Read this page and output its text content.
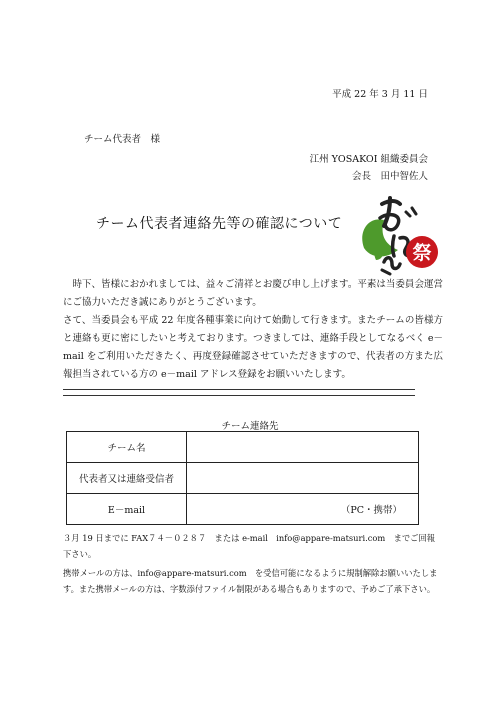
平成 22 年 3 月 11 日
チーム代表者　様
江州 YOSAKOI 組織委員会
会長　田中智佐人
チーム代表者連絡先等の確認について
祭

時下、皆様におかれましては、益々ご清祥とお慶び申し上げます。平素は当委員会運営にご協力いただき誠にありがとうございます。

さて、当委員会も平成 22 年度各種事業に向けて始動して行きます。またチームの皆様方と連絡も更に密にしたいと考えております。つきましては、連絡手段としてなるべく e－mail をご利用いただきたく、再度登録確認させていただきますので、代表者の方また広報担当されている方の e－mail アドレス登録をお願いいたします。

チーム連絡先
チーム名	
代表者又は連絡受信者	
E－mail	（PC・携帯）

３月 19 日までに FAX７４－０２８７　または e-mail　info@appare-matsuri.com　までご回報下さい。

携帯メールの方は、info@appare-matsuri.com　を受信可能になるように規制解除お願いいたします。また携帯メールの方は、字数添付ファイル制限がある場合もありますので、予めご了承下さい。
